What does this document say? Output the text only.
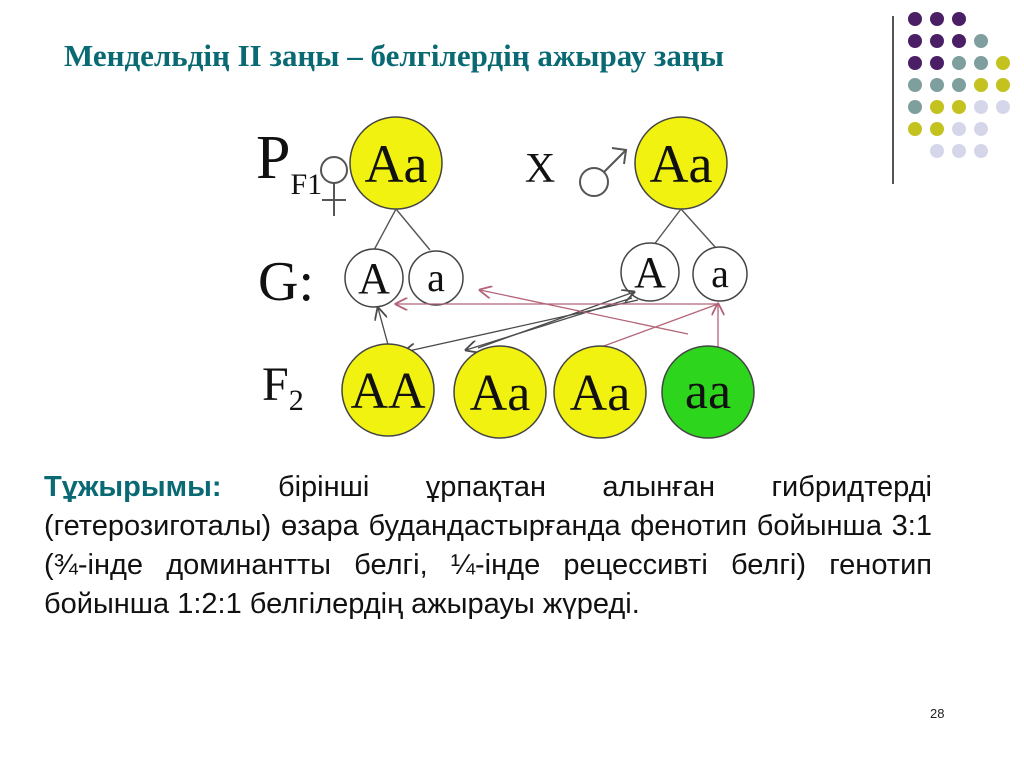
Мендельдің II заңы – белгілердің ажырау заңы
$P_{F1}$
G:
$F_2$
X
Aa	Aa
A a	A a
AA Aa Aa aa
Тұжырымы: бірінші ұрпақтан алынған гибридтерді (гетерозиготалы) өзара будандастырғанда фенотип бойынша 3:1 (¾-інде доминантты белгі, ¼-інде рецессивті белгі) генотип бойынша 1:2:1 белгілердің ажырауы жүреді.
28
